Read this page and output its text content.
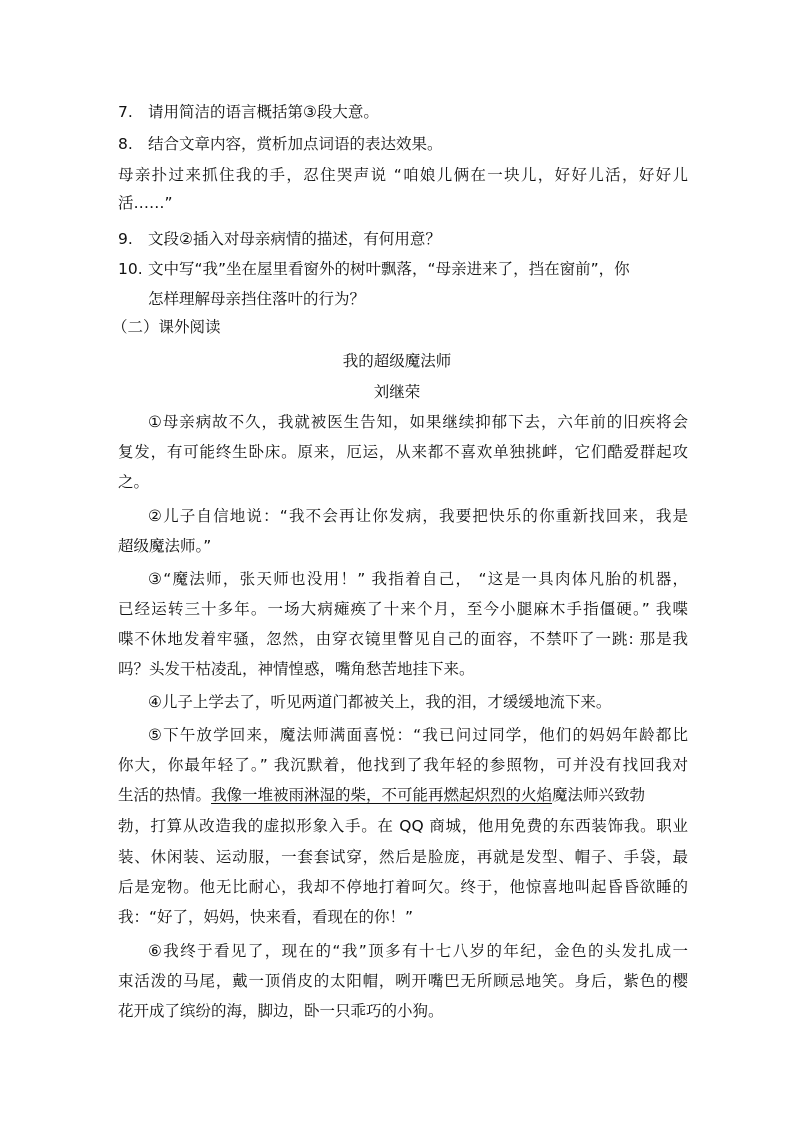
7. 请用简洁的语言概括第③段大意。
8. 结合文章内容，赏析加点词语的表达效果。
母亲扑过来抓住我的手，忍住哭声说 “咱娘儿俩在一块儿，好好儿活，好好儿
活……”
9. 文段②插入对母亲病情的描述，有何用意？
10. 文中写“我”坐在屋里看窗外的树叶飘落，“母亲进来了，挡在窗前”，你
怎样理解母亲挡住落叶的行为？
（二）课外阅读
我的超级魔法师
刘继荣
①母亲病故不久，我就被医生告知，如果继续抑郁下去，六年前的旧疾将会
复发，有可能终生卧床。原来，厄运，从来都不喜欢单独挑衅，它们酷爱群起攻
之。
②儿子自信地说：“我不会再让你发病，我要把快乐的你重新找回来，我是
超级魔法师。”
③“魔法师，张天师也没用！” 我指着自己， “这是一具肉体凡胎的机器，
已经运转三十多年。一场大病瘫痪了十来个月，至今小腿麻木手指僵硬。” 我喋
喋不休地发着牢骚，忽然，由穿衣镜里瞥见自己的面容，不禁吓了一跳: 那是我
吗？头发干枯凌乱，神情惶惑，嘴角愁苦地挂下来。
④儿子上学去了，听见两道门都被关上，我的泪，才缓缓地流下来。
⑤下午放学回来，魔法师满面喜悦：“我已问过同学，他们的妈妈年龄都比
你大，你最年轻了。” 我沉默着，他找到了我年轻的参照物，可并没有找回我对
生活的热情。我像一堆被雨淋湿的柴，不可能再燃起炽烈的火焰魔法师兴致勃
勃，打算从改造我的虚拟形象入手。在 QQ 商城，他用免费的东西装饰我。职业
装、休闲装、运动服，一套套试穿，然后是脸庞，再就是发型、帽子、手袋，最
后是宠物。他无比耐心，我却不停地打着呵欠。终于，他惊喜地叫起昏昏欲睡的
我：“好了，妈妈，快来看，看现在的你！”
⑥我终于看见了，现在的“我”顶多有十七八岁的年纪，金色的头发扎成一
束活泼的马尾，戴一顶俏皮的太阳帽，咧开嘴巴无所顾忌地笑。身后，紫色的樱
花开成了缤纷的海，脚边，卧一只乖巧的小狗。
